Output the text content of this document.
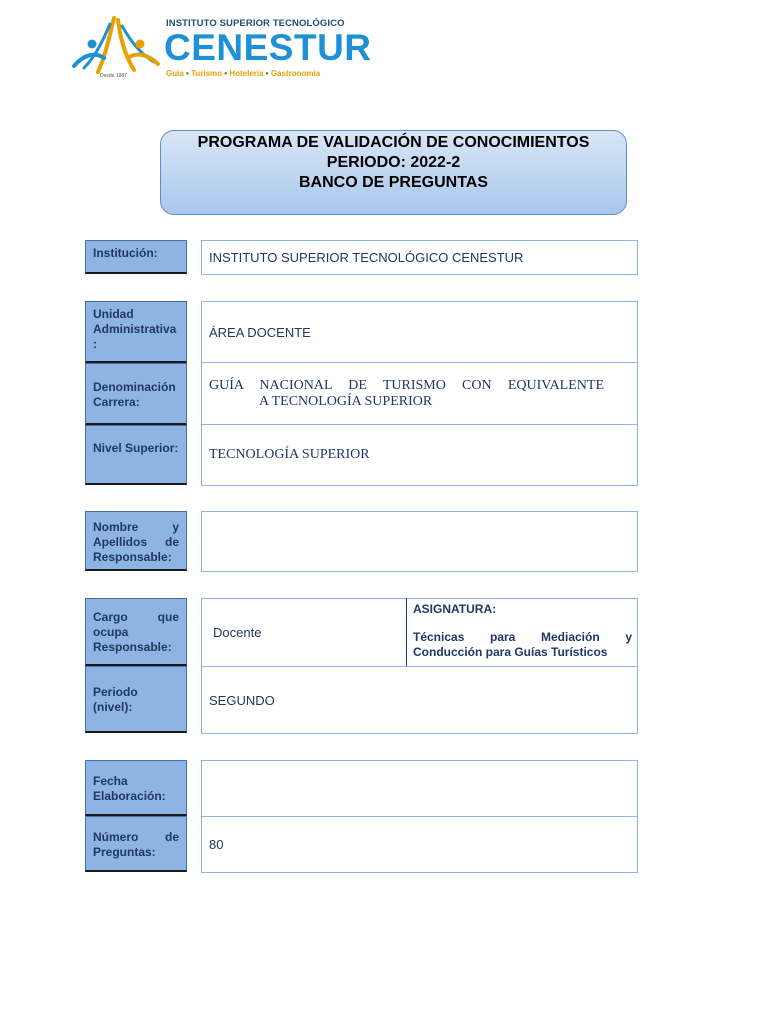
Desde 1987
INSTITUTO SUPERIOR TECNOLÓGICO
CENESTUR
Guía • Turismo • Hotelería • Gastronomía
PROGRAMA DE VALIDACIÓN DE CONOCIMIENTOS
PERIODO: 2022-2
BANCO DE PREGUNTAS
Institución:	INSTITUTO SUPERIOR TECNOLÓGICO CENESTUR
Unidad Administrativa :
ÁREA DOCENTE
Denominación Carrera:
GUÍA NACIONAL DE TURISMO CON EQUIVALENTE
A TECNOLOGÍA SUPERIOR
Nivel Superior:	TECNOLOGÍA SUPERIOR
Nombre y Apellidos de Responsable:
Cargo que ocupa Responsable:
Docente
ASIGNATURA:
Técnicas para Mediación y Conducción para Guías Turísticos
Periodo (nivel):	SEGUNDO
Fecha Elaboración:
Número de Preguntas:	80
